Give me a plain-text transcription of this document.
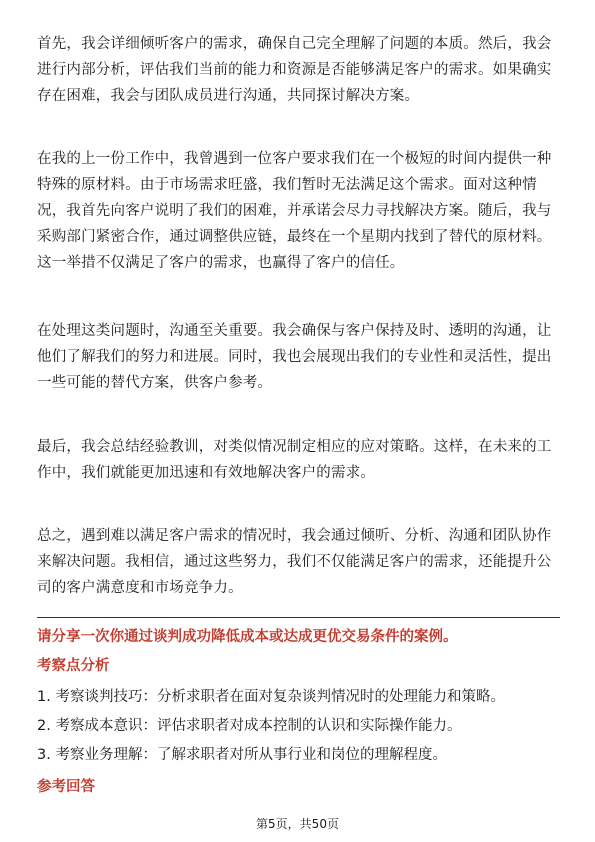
首先，我会详细倾听客户的需求，确保自己完全理解了问题的本质。然后，我会进行内部分析，评估我们当前的能力和资源是否能够满足客户的需求。如果确实存在困难，我会与团队成员进行沟通，共同探讨解决方案。

在我的上一份工作中，我曾遇到一位客户要求我们在一个极短的时间内提供一种特殊的原材料。由于市场需求旺盛，我们暂时无法满足这个需求。面对这种情况，我首先向客户说明了我们的困难，并承诺会尽力寻找解决方案。随后，我与采购部门紧密合作，通过调整供应链，最终在一个星期内找到了替代的原材料。这一举措不仅满足了客户的需求，也赢得了客户的信任。

在处理这类问题时，沟通至关重要。我会确保与客户保持及时、透明的沟通，让他们了解我们的努力和进展。同时，我也会展现出我们的专业性和灵活性，提出一些可能的替代方案，供客户参考。

最后，我会总结经验教训，对类似情况制定相应的应对策略。这样，在未来的工作中，我们就能更加迅速和有效地解决客户的需求。

总之，遇到难以满足客户需求的情况时，我会通过倾听、分析、沟通和团队协作来解决问题。我相信，通过这些努力，我们不仅能满足客户的需求，还能提升公司的客户满意度和市场竞争力。

请分享一次你通过谈判成功降低成本或达成更优交易条件的案例。

考察点分析

1. 考察谈判技巧：分析求职者在面对复杂谈判情况时的处理能力和策略。
2. 考察成本意识：评估求职者对成本控制的认识和实际操作能力。
3. 考察业务理解：了解求职者对所从事行业和岗位的理解程度。

参考回答

第5页，共50页
